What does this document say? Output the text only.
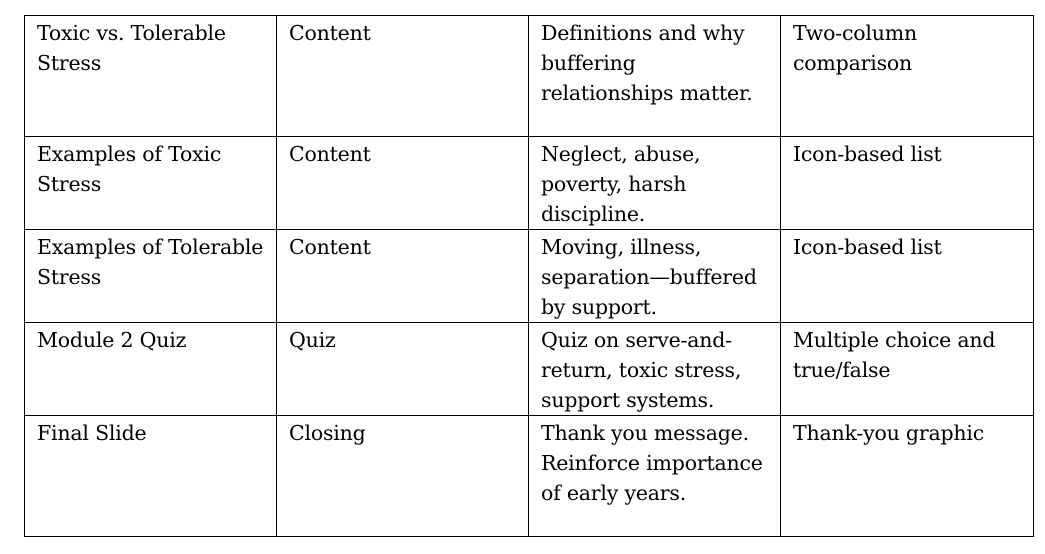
Toxic vs. Tolerable Stress	Content	Definitions and why buffering relationships matter.	Two-column comparison

Examples of Toxic Stress	Content	Neglect, abuse, poverty, harsh discipline.	Icon-based list

Examples of Tolerable Stress	Content	Moving, illness, separation—buffered by support.	Icon-based list

Module 2 Quiz	Quiz	Quiz on serve-and-return, toxic stress, support systems.	Multiple choice and true/false

Final Slide	Closing	Thank you message. Reinforce importance of early years.	Thank-you graphic
